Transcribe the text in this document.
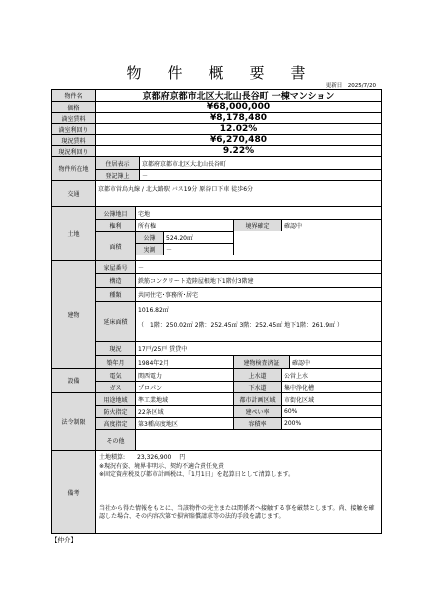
物件概要書
更新日　2025/7/20
物件名	京都府京都市北区大北山長谷町 一棟マンション
価格	¥68,000,000
満室賃料	¥8,178,480
満室利回り	12.02%
現況賃料	¥6,270,480
現況利回り	9.22%
物件所在地
住居表示	京都府京都市北区大北山長谷町
登記簿上	－
交通
京都市営烏丸線 / 北大路駅 バス19分 原谷口下車 徒歩6分
土地
公簿地目	宅地
権利	所有権	境界確定	確認中
面積
公簿	524.20㎡
実測	－
建物
家屋番号	－
構造	鉄筋コンクリート造陸屋根地下1階付3階建
種類	共同住宅･事務所･居宅
延床面積
1016.82㎡
（　1階：250.02㎡ 2階：252.45㎡ 3階：252.45㎡ 地下1階：261.9㎡ ）
現況	17戸/25戸 賃貸中
築年月	1984年2月	建物検査済証	確認中
設備
電気	関西電力	上水道	公営上水
ガス	プロパン	下水道	集中浄化槽
法令制限
用途地域	準工業地域	都市計画区域	市街化区域
防火指定	22条区域	建ぺい率	60%
高度指定	第3種高度地区	容積率	200%
その他
備考
土地積算:　　23,326,900　 円
※現況有姿、境界非明示、契約不適合責任免責
※固定資産税及び都市計画税は、「1月1日」を起算日として清算します。
当社から得た情報をもとに、当該物件の売主または関係者へ接触する事を厳禁とします。尚、接触を確認した場合、その内容次第で損害賠償請求等の法的手段を講じます。
【仲介】
